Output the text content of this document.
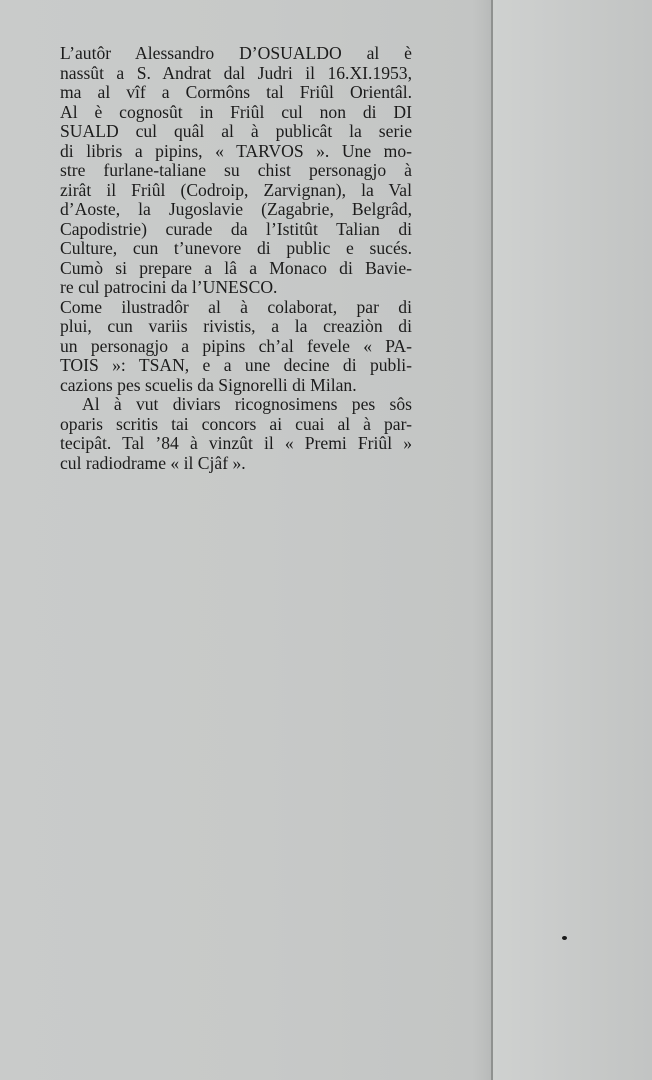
L’autôr Alessandro D’OSUALDO al è
nassût a S. Andrat dal Judri il 16.XI.1953,
ma al vîf a Cormôns tal Friûl Orientâl.
Al è cognosût in Friûl cul non di DI
SUALD cul quâl al à publicât la serie
di libris a pipins, « TARVOS ». Une mo-
stre furlane-taliane su chist personagjo à
zirât il Friûl (Codroip, Zarvignan), la Val
d’Aoste, la Jugoslavie (Zagabrie, Belgrâd,
Capodistrie) curade da l’Istitût Talian di
Culture, cun t’unevore di public e sucés.
Cumò si prepare a lâ a Monaco di Bavie-
re cul patrocini da l’UNESCO.
Come ilustradôr al à colaborat, par di
plui, cun variis rivistis, a la creaziòn di
un personagjo a pipins ch’al fevele « PA-
TOIS »: TSAN, e a une decine di publi-
cazions pes scuelis da Signorelli di Milan.
Al à vut diviars ricognosimens pes sôs
oparis scritis tai concors ai cuai al à par-
tecipât. Tal ’84 à vinzût il « Premi Friûl »
cul radiodrame « il Cjâf ».
